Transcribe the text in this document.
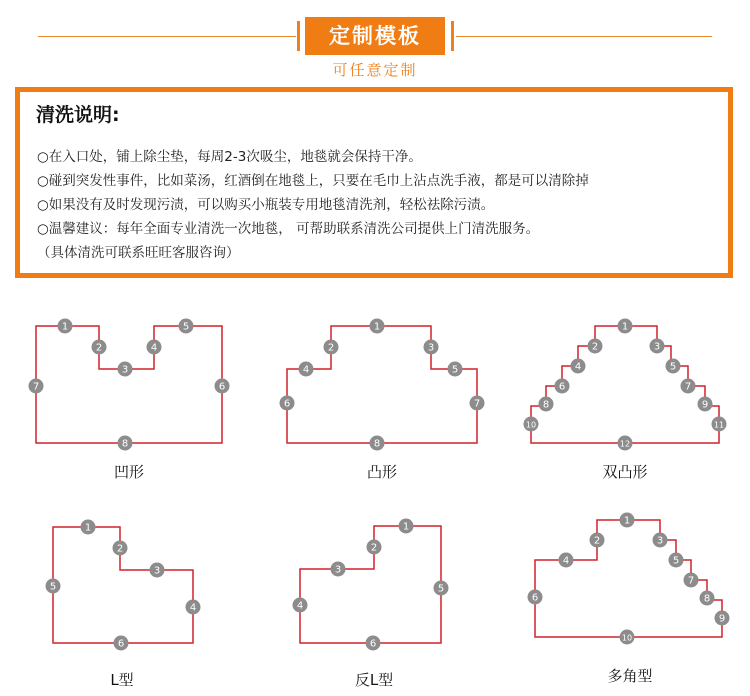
定制模板
可任意定制
清洗说明:
○在入口处，铺上除尘垫，每周2-3次吸尘，地毯就会保持干净。
○碰到突发性事件，比如菜汤，红酒倒在地毯上，只要在毛巾上沾点洗手液，都是可以清除掉
○如果没有及时发现污渍，可以购买小瓶装专用地毯清洗剂，轻松祛除污渍。
○温馨建议：每年全面专业清洗一次地毯， 可帮助联系清洗公司提供上门清洗服务。
（具体清洗可联系旺旺客服咨询）
1
2
3
4
5
6
7
8
1
2	3
4	5
6	7
8
1
2	3
4	5
6	7
8	9
10	11
12
1
2
3
4
5
6
1
2
3
4
5
6
1
2	3
4	5
6
7
8
9
10
凹形	凸形	双凸形
L型	反L型	多角型
